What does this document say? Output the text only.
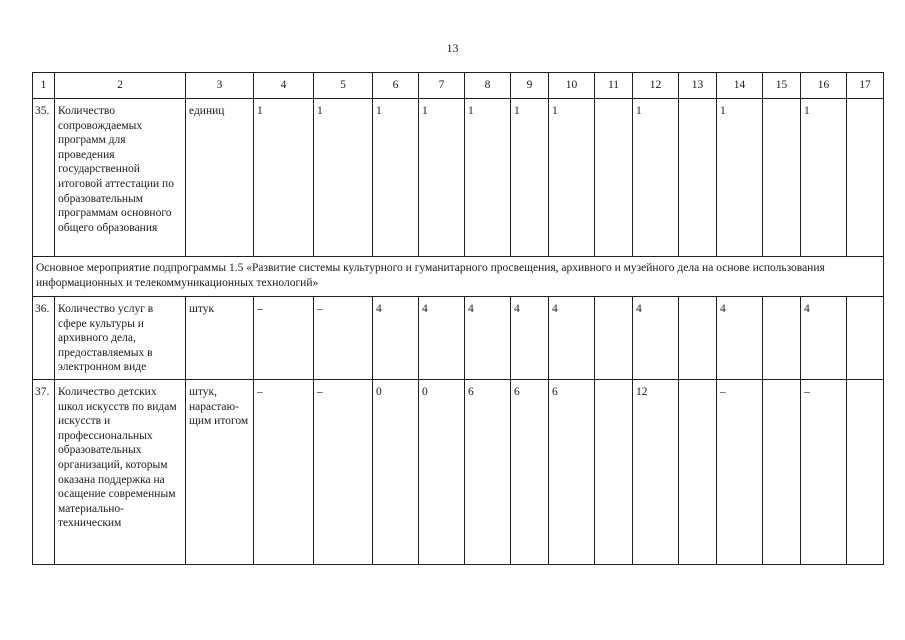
13
1	2	3	4	5	6	7	8	9	10	11	12	13	14	15	16	17
35.	Количество сопровождаемых программ для проведения государственной итоговой аттестации по образовательным программам основного общего образования	единиц	1	1	1	1	1	1	1		1		1		1	
Основное мероприятие подпрограммы 1.5 «Развитие системы культурного и гуманитарного просвещения, архивного и музейного дела на основе использования информационных и телекоммуникационных технологий»																
36.	Количество услуг в сфере культуры и архивного дела, предоставляемых в электронном виде	штук	–	–	4	4	4	4	4		4		4		4	
37.	Количество детских школ искусств по видам искусств и профессиональных образовательных организаций, которым оказана поддержка на осащение современным материально-техническим	штук, нарастаю-щим итогом	–	–	0	0	6	6	6		12		–		–	
